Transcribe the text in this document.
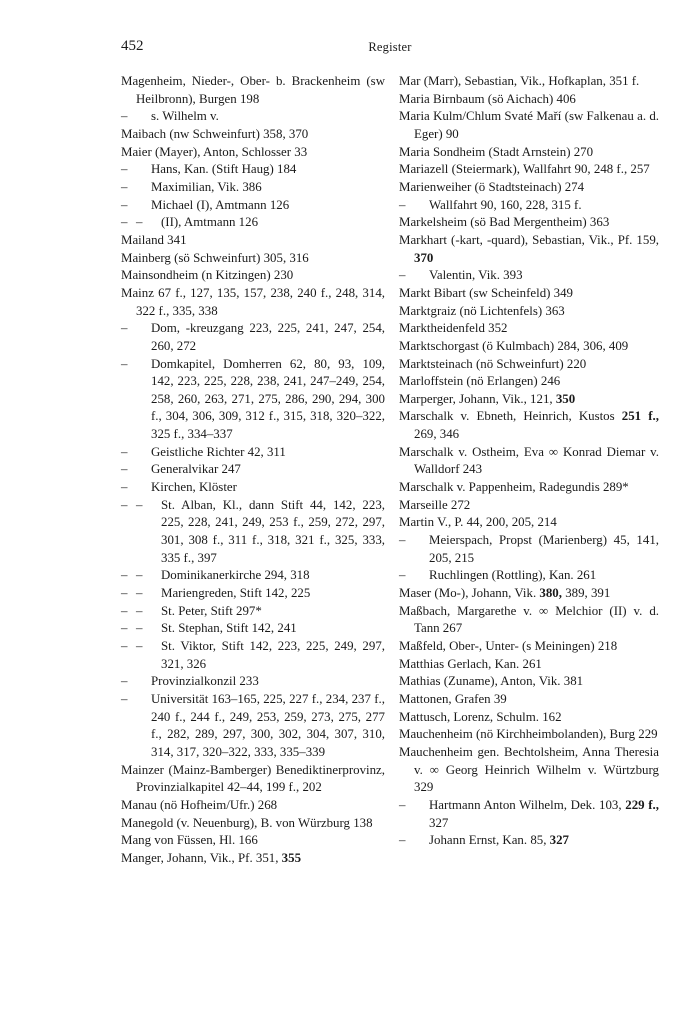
452	Register
Magenheim, Nieder-, Ober- b. Brackenheim (sw Heilbronn), Burgen 198
– s. Wilhelm v.
Maibach (nw Schweinfurt) 358, 370
Maier (Mayer), Anton, Schlosser 33
– Hans, Kan. (Stift Haug) 184
– Maximilian, Vik. 386
– Michael (I), Amtmann 126
– – (II), Amtmann 126
Mailand 341
Mainberg (sö Schweinfurt) 305, 316
Mainsondheim (n Kitzingen) 230
Mainz 67 f., 127, 135, 157, 238, 240 f., 248, 314, 322 f., 335, 338
– Dom, -kreuzgang 223, 225, 241, 247, 254, 260, 272
– Domkapitel, Domherren 62, 80, 93, 109, 142, 223, 225, 228, 238, 241, 247–249, 254, 258, 260, 263, 271, 275, 286, 290, 294, 300 f., 304, 306, 309, 312 f., 315, 318, 320–322, 325 f., 334–337
– Geistliche Richter 42, 311
– Generalvikar 247
– Kirchen, Klöster
– – St. Alban, Kl., dann Stift 44, 142, 223, 225, 228, 241, 249, 253 f., 259, 272, 297, 301, 308 f., 311 f., 318, 321 f., 325, 333, 335 f., 397
– – Dominikanerkirche 294, 318
– – Mariengreden, Stift 142, 225
– – St. Peter, Stift 297*
– – St. Stephan, Stift 142, 241
– – St. Viktor, Stift 142, 223, 225, 249, 297, 321, 326
– Provinzialkonzil 233
– Universität 163–165, 225, 227 f., 234, 237 f., 240 f., 244 f., 249, 253, 259, 273, 275, 277 f., 282, 289, 297, 300, 302, 304, 307, 310, 314, 317, 320–322, 333, 335–339
Mainzer (Mainz-Bamberger) Benediktinerprovinz, Provinzialkapitel 42–44, 199 f., 202
Manau (nö Hofheim/Ufr.) 268
Manegold (v. Neuenburg), B. von Würzburg 138
Mang von Füssen, Hl. 166
Manger, Johann, Vik., Pf. 351, 355
Mar (Marr), Sebastian, Vik., Hofkaplan, 351 f.
Maria Birnbaum (sö Aichach) 406
Maria Kulm/Chlum Svaté Maří (sw Falkenau a. d. Eger) 90
Maria Sondheim (Stadt Arnstein) 270
Mariazell (Steiermark), Wallfahrt 90, 248 f., 257
Marienweiher (ö Stadtsteinach) 274
– Wallfahrt 90, 160, 228, 315 f.
Markelsheim (sö Bad Mergentheim) 363
Markhart (-kart, -quard), Sebastian, Vik., Pf. 159, 370
– Valentin, Vik. 393
Markt Bibart (sw Scheinfeld) 349
Marktgraiz (nö Lichtenfels) 363
Marktheidenfeld 352
Marktschorgast (ö Kulmbach) 284, 306, 409
Marktsteinach (nö Schweinfurt) 220
Marloffstein (nö Erlangen) 246
Marperger, Johann, Vik., 121, 350
Marschalk v. Ebneth, Heinrich, Kustos 251 f., 269, 346
Marschalk v. Ostheim, Eva ∞ Konrad Diemar v. Walldorf 243
Marschalk v. Pappenheim, Radegundis 289*
Marseille 272
Martin V., P. 44, 200, 205, 214
– Meierspach, Propst (Marienberg) 45, 141, 205, 215
– Ruchlingen (Rottling), Kan. 261
Maser (Mo-), Johann, Vik. 380, 389, 391
Maßbach, Margarethe v. ∞ Melchior (II) v. d. Tann 267
Maßfeld, Ober-, Unter- (s Meiningen) 218
Matthias Gerlach, Kan. 261
Mathias (Zuname), Anton, Vik. 381
Mattonen, Grafen 39
Mattusch, Lorenz, Schulm. 162
Mauchenheim (nö Kirchheimbolanden), Burg 229
Mauchenheim gen. Bechtolsheim, Anna Theresia v. ∞ Georg Heinrich Wilhelm v. Würtzburg 329
– Hartmann Anton Wilhelm, Dek. 103, 229 f., 327
– Johann Ernst, Kan. 85, 327
